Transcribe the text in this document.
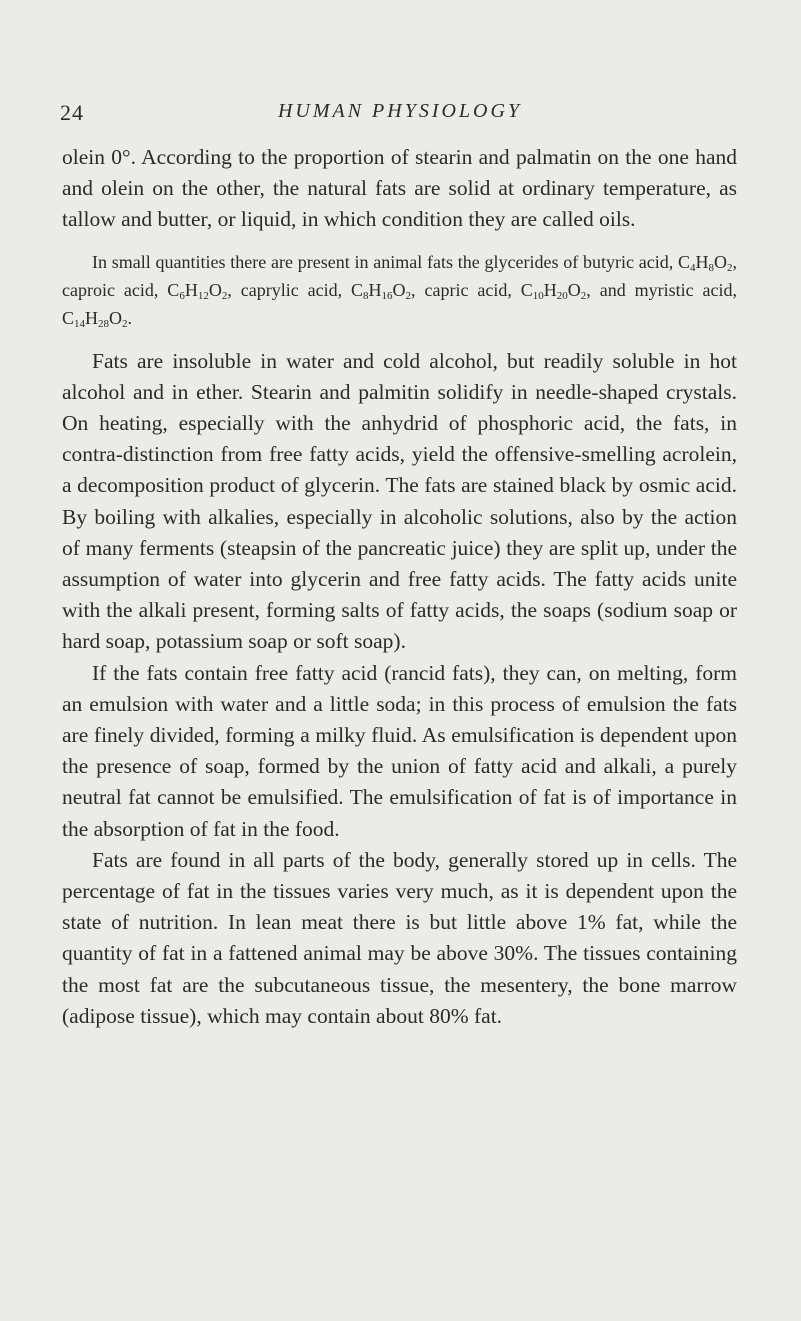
24	HUMAN PHYSIOLOGY

olein 0°. According to the proportion of stearin and palmatin on the one hand and olein on the other, the natural fats are solid at ordinary temperature, as tallow and butter, or liquid, in which condition they are called oils.

In small quantities there are present in animal fats the glycerides of butyric acid, $C_4H_8O_2$, caproic acid, $C_6H_{12}O_2$, caprylic acid, $C_8H_{16}O_2$, capric acid, $C_{10}H_{20}O_2$, and myristic acid, $C_{14}H_{28}O_2$.

Fats are insoluble in water and cold alcohol, but readily soluble in hot alcohol and in ether. Stearin and palmitin solidify in needle-shaped crystals. On heating, especially with the anhydrid of phosphoric acid, the fats, in contra-distinction from free fatty acids, yield the offensive-smelling acrolein, a decomposition product of glycerin. The fats are stained black by osmic acid. By boiling with alkalies, especially in alcoholic solutions, also by the action of many ferments (steapsin of the pancreatic juice) they are split up, under the assumption of water into glycerin and free fatty acids. The fatty acids unite with the alkali present, forming salts of fatty acids, the soaps (sodium soap or hard soap, potassium soap or soft soap).

If the fats contain free fatty acid (rancid fats), they can, on melting, form an emulsion with water and a little soda; in this process of emulsion the fats are finely divided, forming a milky fluid. As emulsification is dependent upon the presence of soap, formed by the union of fatty acid and alkali, a purely neutral fat cannot be emulsified. The emulsification of fat is of importance in the absorption of fat in the food.

Fats are found in all parts of the body, generally stored up in cells. The percentage of fat in the tissues varies very much, as it is dependent upon the state of nutrition. In lean meat there is but little above 1% fat, while the quantity of fat in a fattened animal may be above 30%. The tissues containing the most fat are the subcutaneous tissue, the mesentery, the bone marrow (adipose tissue), which may contain about 80% fat.
